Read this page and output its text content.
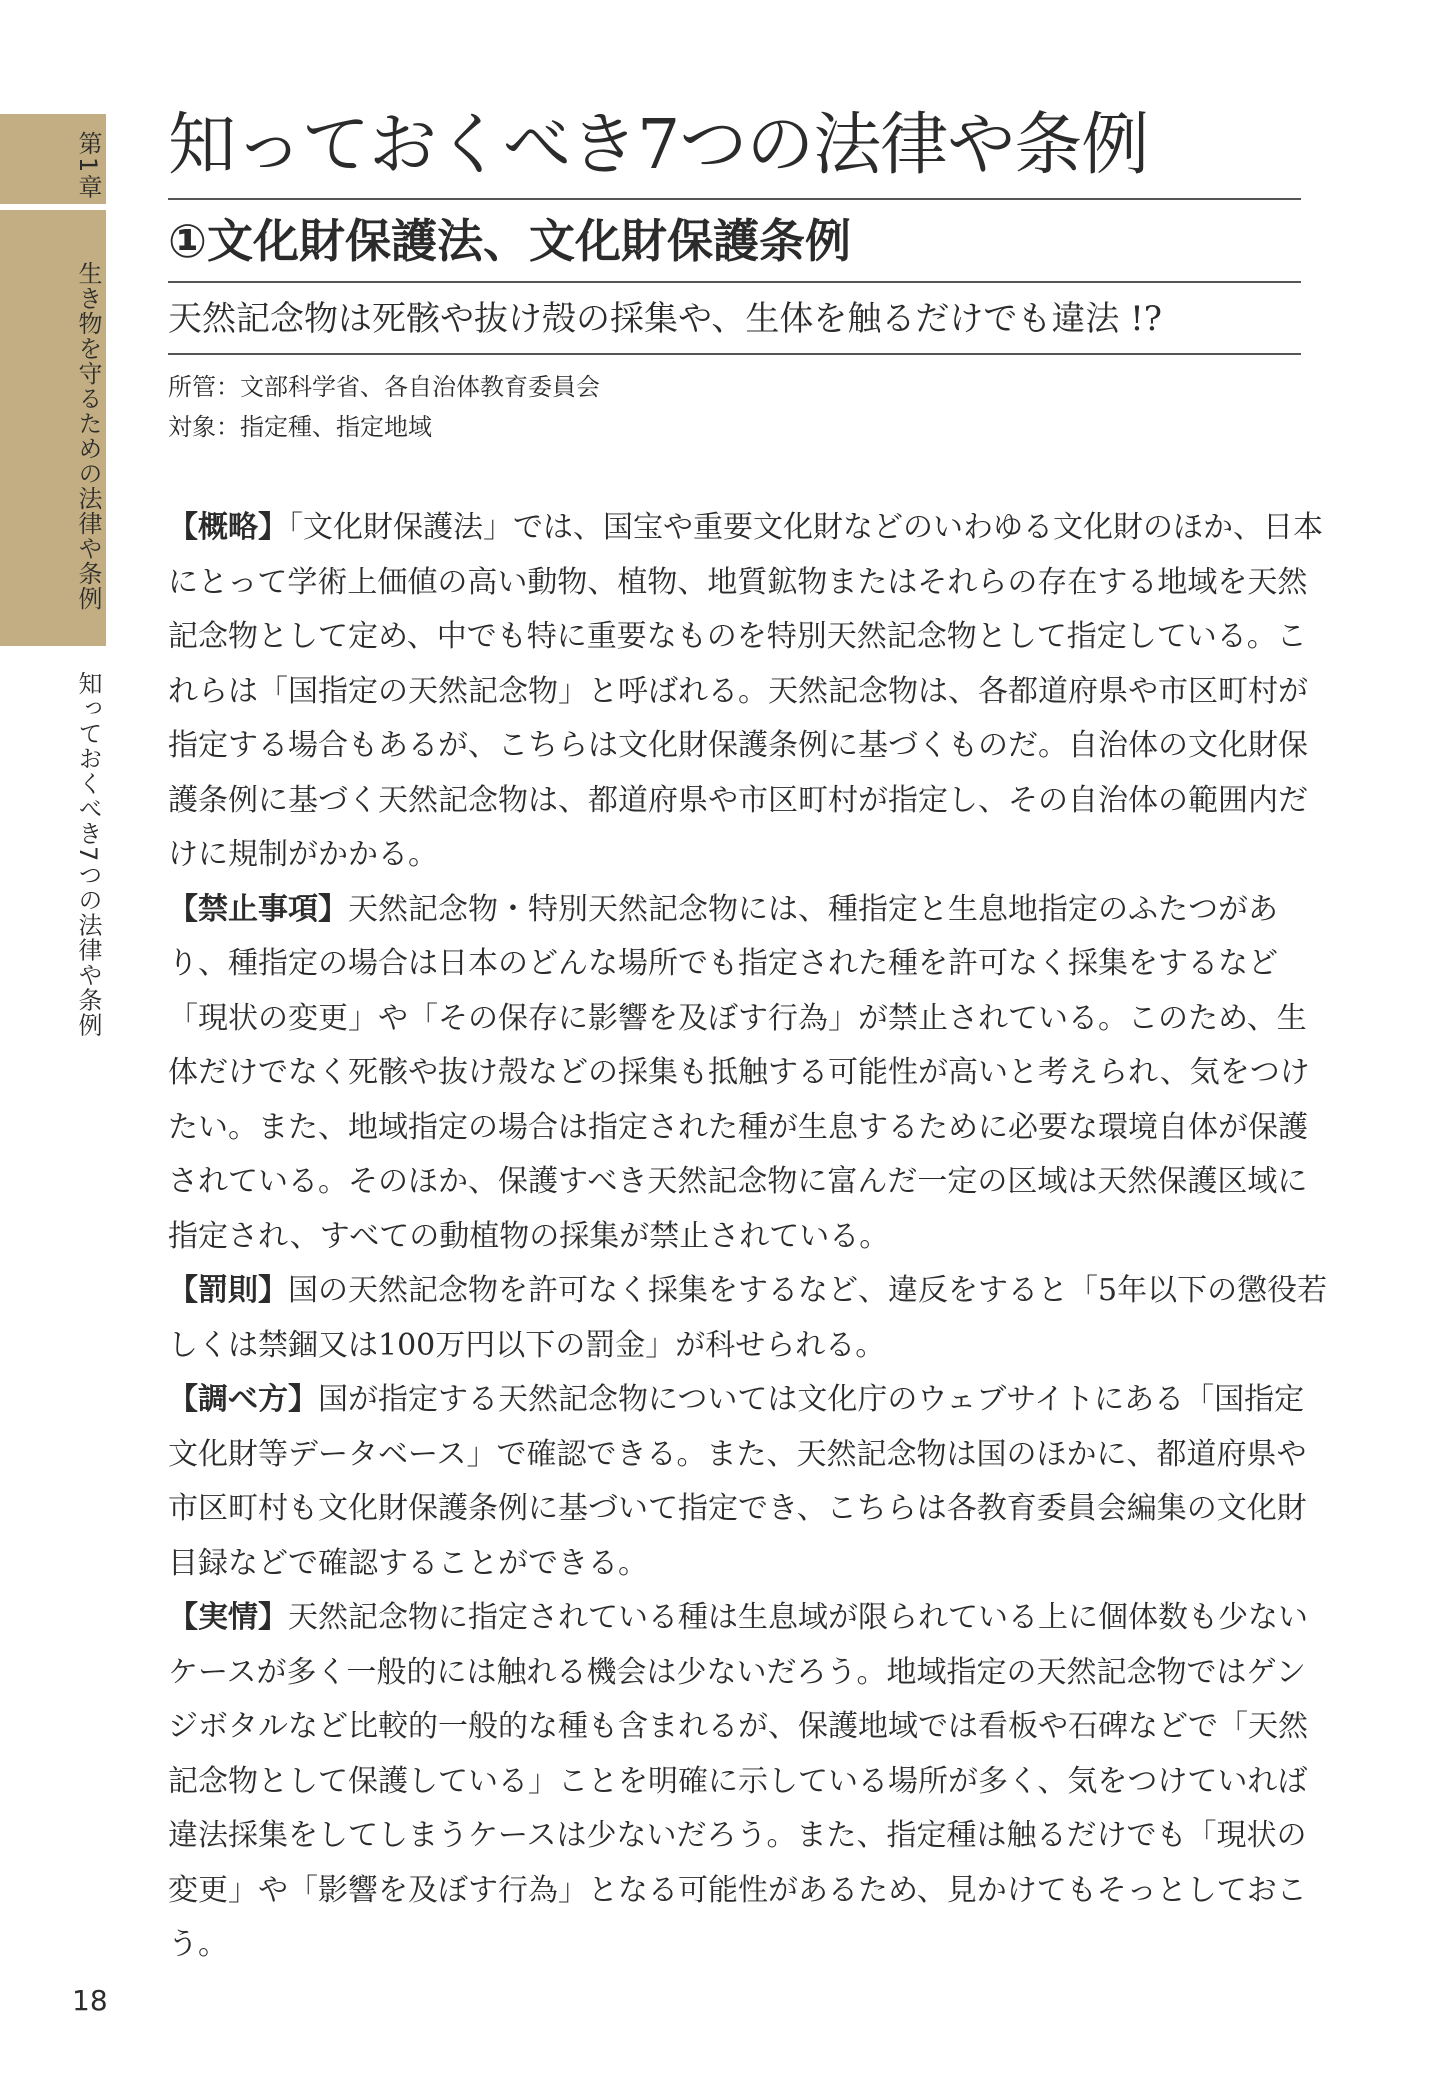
第1章
生き物を守るための法律や条例
知っておくべき7つの法律や条例
知っておくべき7つの法律や条例
①文化財保護法、文化財保護条例
天然記念物は死骸や抜け殻の採集や、生体を触るだけでも違法 !?
所管：文部科学省、各自治体教育委員会
対象：指定種、指定地域

【概略】「文化財保護法」では、国宝や重要文化財などのいわゆる文化財のほか、日本にとって学術上価値の高い動物、植物、地質鉱物またはそれらの存在する地域を天然記念物として定め、中でも特に重要なものを特別天然記念物として指定している。これらは「国指定の天然記念物」と呼ばれる。天然記念物は、各都道府県や市区町村が指定する場合もあるが、こちらは文化財保護条例に基づくものだ。自治体の文化財保護条例に基づく天然記念物は、都道府県や市区町村が指定し、その自治体の範囲内だけに規制がかかる。

【禁止事項】天然記念物・特別天然記念物には、種指定と生息地指定のふたつがあり、種指定の場合は日本のどんな場所でも指定された種を許可なく採集をするなど「現状の変更」や「その保存に影響を及ぼす行為」が禁止されている。このため、生体だけでなく死骸や抜け殻などの採集も抵触する可能性が高いと考えられ、気をつけたい。また、地域指定の場合は指定された種が生息するために必要な環境自体が保護されている。そのほか、保護すべき天然記念物に富んだ一定の区域は天然保護区域に指定され、すべての動植物の採集が禁止されている。

【罰則】国の天然記念物を許可なく採集をするなど、違反をすると「5年以下の懲役若しくは禁錮又は100万円以下の罰金」が科せられる。

【調べ方】国が指定する天然記念物については文化庁のウェブサイトにある「国指定文化財等データベース」で確認できる。また、天然記念物は国のほかに、都道府県や市区町村も文化財保護条例に基づいて指定でき、こちらは各教育委員会編集の文化財目録などで確認することができる。

【実情】天然記念物に指定されている種は生息域が限られている上に個体数も少ないケースが多く一般的には触れる機会は少ないだろう。地域指定の天然記念物ではゲンジボタルなど比較的一般的な種も含まれるが、保護地域では看板や石碑などで「天然記念物として保護している」ことを明確に示している場所が多く、気をつけていれば違法採集をしてしまうケースは少ないだろう。また、指定種は触るだけでも「現状の変更」や「影響を及ぼす行為」となる可能性があるため、見かけてもそっとしておこう。

18
